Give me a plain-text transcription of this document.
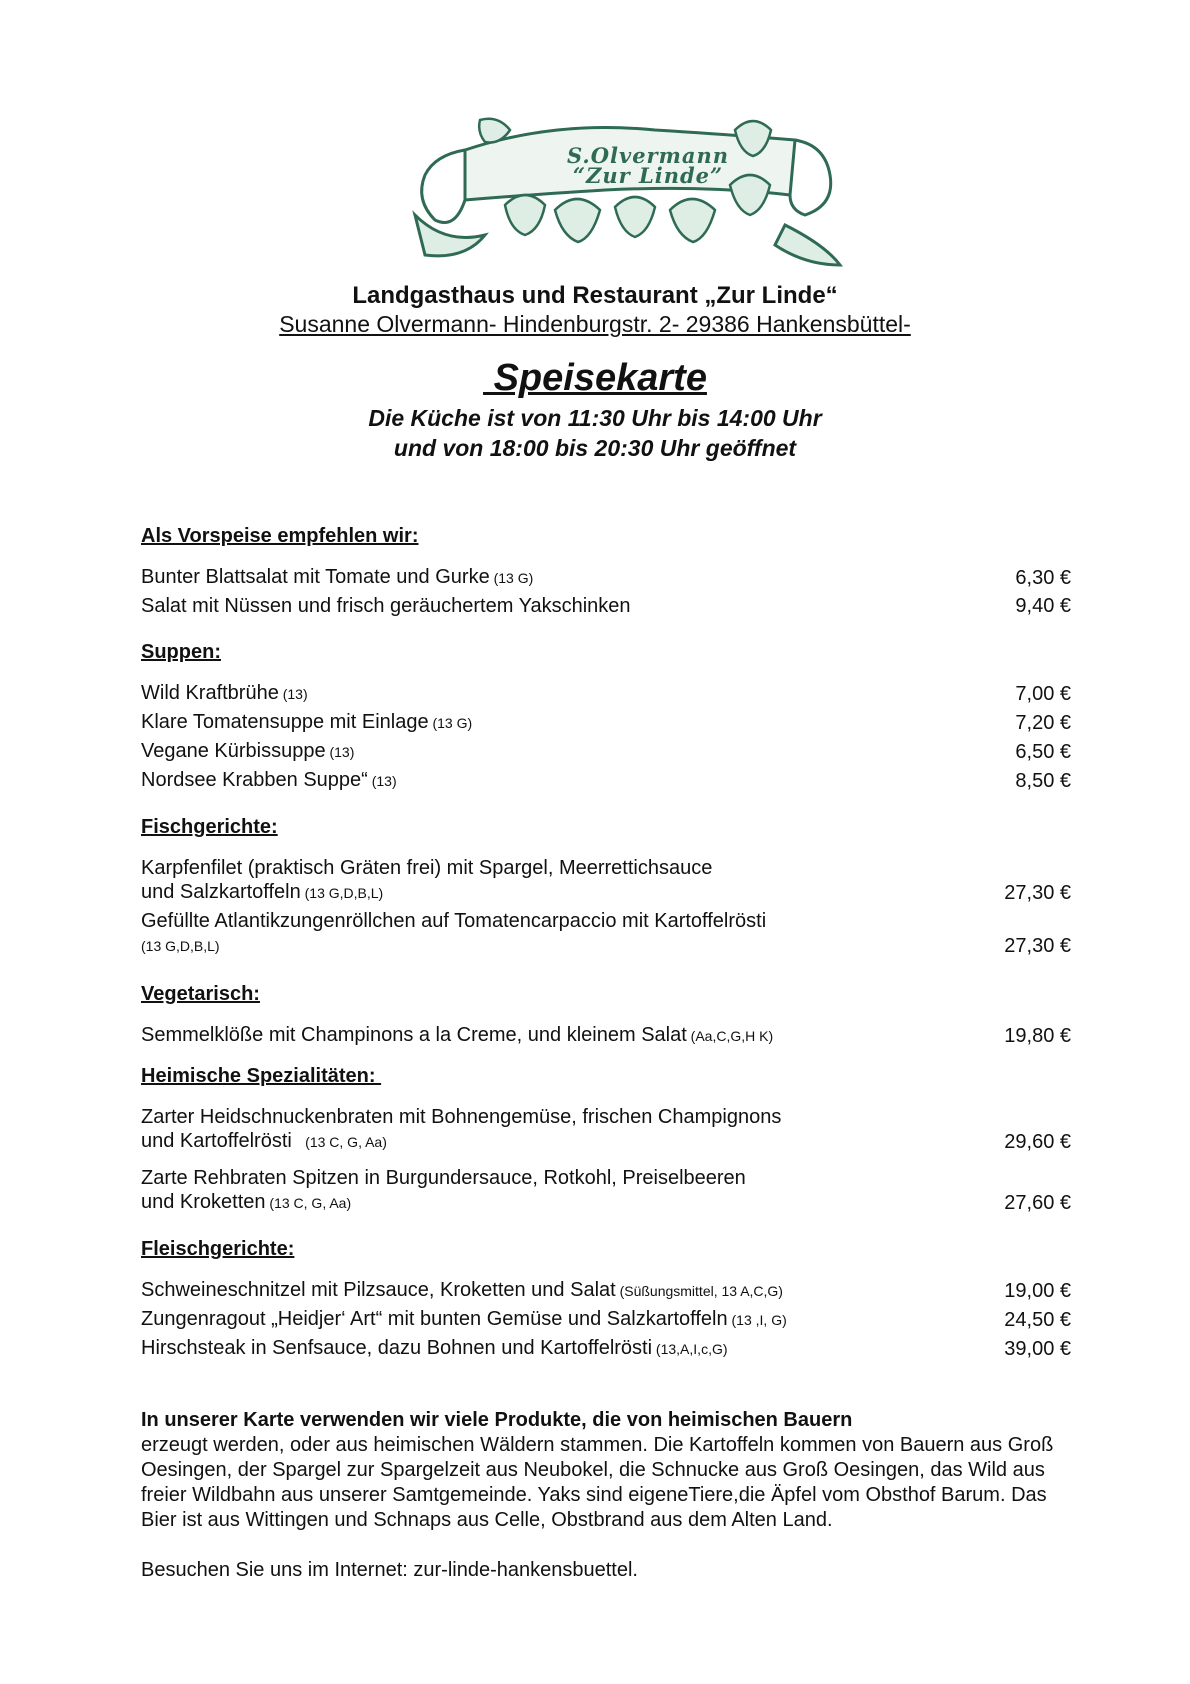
S.Olvermann
“Zur Linde”
Landgasthaus und Restaurant „Zur Linde“
Susanne Olvermann- Hindenburgstr. 2- 29386 Hankensbüttel-
Speisekarte
Die Küche ist von 11:30 Uhr bis 14:00 Uhr
und von 18:00 bis 20:30 Uhr geöffnet
Als Vorspeise empfehlen wir:
Bunter Blattsalat mit Tomate und Gurke (13 G)	6,30 €
Salat mit Nüssen und frisch geräuchertem Yakschinken	9,40 €
Suppen:
Wild Kraftbrühe (13)	7,00 €
Klare Tomatensuppe mit Einlage (13 G)	7,20 €
Vegane Kürbissuppe (13)	6,50 €
Nordsee Krabben Suppe“ (13)	8,50 €
Fischgerichte:
Karpfenfilet (praktisch Gräten frei) mit Spargel, Meerrettichsauce
und Salzkartoffeln (13 G,D,B,L)	27,30 €
Gefüllte Atlantikzungenröllchen auf Tomatencarpaccio mit Kartoffelrösti
(13 G,D,B,L)	27,30 €
Vegetarisch:
Semmelklöße mit Champinons a la Creme, und kleinem Salat (Aa,C,G,H K)	19,80 €
Heimische Spezialitäten:
Zarter Heidschnuckenbraten mit Bohnengemüse, frischen Champignons
und Kartoffelrösti   (13 C, G, Aa)	29,60 €
Zarte Rehbraten Spitzen in Burgundersauce, Rotkohl, Preiselbeeren
und Kroketten (13 C, G, Aa)	27,60 €
Fleischgerichte:
Schweineschnitzel mit Pilzsauce, Kroketten und Salat (Süßungsmittel, 13 A,C,G)	19,00 €
Zungenragout „Heidjer‘ Art“ mit bunten Gemüse und Salzkartoffeln (13 ,I, G)	24,50 €
Hirschsteak in Senfsauce, dazu Bohnen und Kartoffelrösti (13,A,I,c,G)	39,00 €
In unserer Karte verwenden wir viele Produkte, die von heimischen Bauern
erzeugt werden, oder aus heimischen Wäldern stammen. Die Kartoffeln kommen von Bauern aus Groß Oesingen, der Spargel zur Spargelzeit aus Neubokel, die Schnucke aus Groß Oesingen, das Wild aus freier Wildbahn aus unserer Samtgemeinde. Yaks sind eigeneTiere,die Äpfel vom Obsthof Barum. Das Bier ist aus Wittingen und Schnaps aus Celle, Obstbrand aus dem Alten Land.
Besuchen Sie uns im Internet: zur-linde-hankensbuettel.
